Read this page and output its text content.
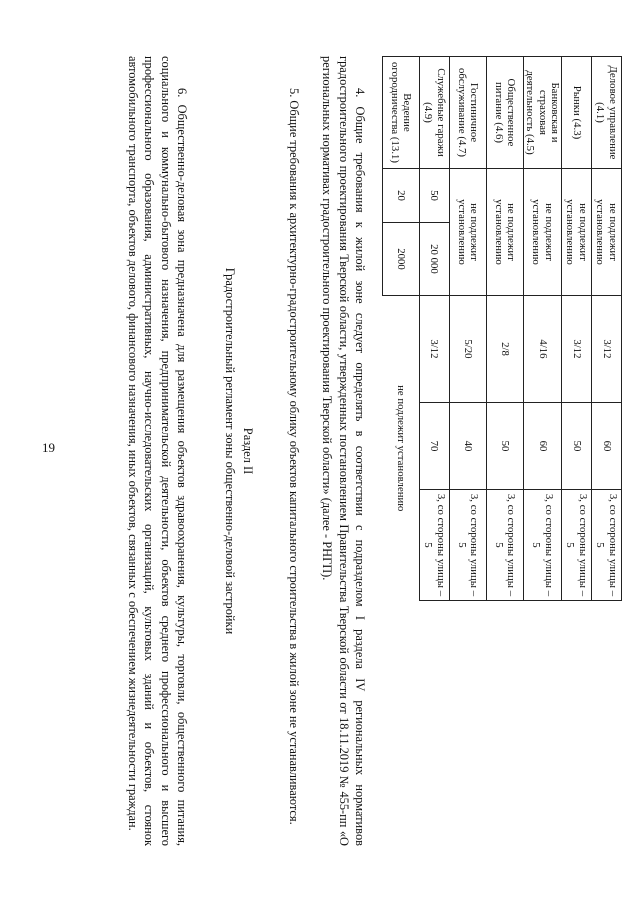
19
Деловое управление (4.1)	не подлежит установлению		3/12	60	3, со стороны улицы – 5
Рынки (4.3)	не подлежит установлению		3/12	50	3, со стороны улицы – 5
Банковская и страховая деятельность (4.5)	не подлежит установлению		4/16	60	3, со стороны улицы – 5
Общественное питание (4.6)	не подлежит установлению		2/8	50	3, со стороны улицы – 5
Гостиничное обслуживание (4.7)	не подлежит установлению		5/20	40	3, со стороны улицы – 5
Служебные гаражи (4.9)	50	20 000	3/12	70	3, со стороны улицы – 5
Ведение огородничества (13.1)	20	2000	не подлежит установлению		
4. Общие требования к жилой зоне следует определять в соответствии с подразделом I раздела IV региональных нормативов градостроительного проектирования Тверской области, утвержденных постановлением Правительства Тверской области от 18.11.2019 № 455-пп «О региональных нормативах градостроительного проектирования Тверской области» (далее - РНГП).
5. Общие требования к архитектурно-градостроительному облику объектов капитального строительства в жилой зоне не устанавливаются.
Раздел II
Градостроительный регламент зоны общественно-деловой застройки
6. Общественно-деловая зона предназначена для размещения объектов здравоохранения, культуры, торговли, общественного питания, социального и коммунально-бытового назначения, предпринимательской деятельности, объектов среднего профессионального и высшего профессионального образования, административных, научно-исследовательских организаций, культовых зданий и объектов, стоянок автомобильного транспорта, объектов делового, финансового назначения, иных объектов, связанных с обеспечением жизнедеятельности граждан.
